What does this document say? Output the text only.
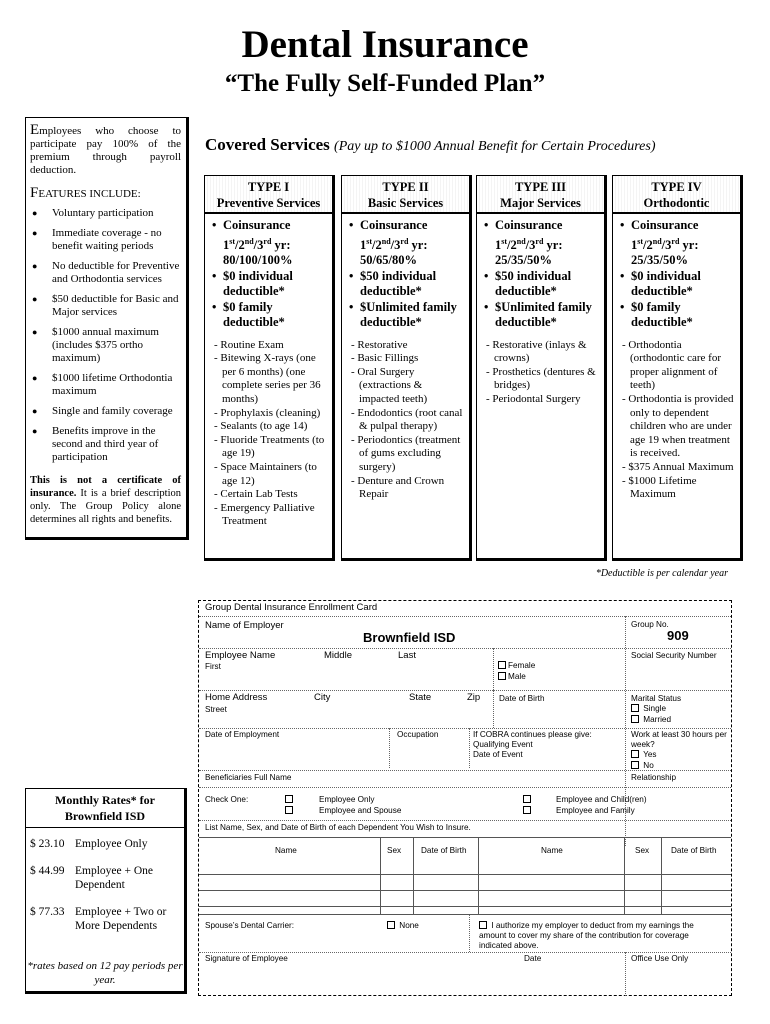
Dental Insurance
“The Fully Self-Funded Plan”
Employees who choose to participate pay 100% of the premium through payroll deduction.
FEATURES INCLUDE:
● Voluntary participation
● Immediate coverage - no benefit waiting periods
● No deductible for Preventive and Orthodontia services
● $50 deductible for Basic and Major services
● $1000 annual maximum (includes $375 ortho maximum)
● $1000 lifetime Orthodontia maximum
● Single and family coverage
● Benefits improve in the second and third year of participation
This is not a certificate of insurance. It is a brief description only. The Group Policy alone determines all rights and benefits.
Covered Services (Pay up to $1000 Annual Benefit for Certain Procedures)
TYPE I
Preventive Services
• Coinsurance
1st/2nd/3rd yr:
80/100/100%
• $0 individual
deductible*
• $0 family
deductible*
- Routine Exam
- Bitewing X-rays (one per 6 months) (one complete series per 36 months)
- Prophylaxis (cleaning)
- Sealants (to age 14)
- Fluoride Treatments (to age 19)
- Space Maintainers (to age 12)
- Certain Lab Tests
- Emergency Palliative Treatment
TYPE II
Basic Services
• Coinsurance
1st/2nd/3rd yr:
50/65/80%
• $50 individual
deductible*
• $Unlimited family
deductible*
- Restorative
- Basic Fillings
- Oral Surgery (extractions & impacted teeth)
- Endodontics (root canal & pulpal therapy)
- Periodontics (treatment of gums excluding surgery)
- Denture and Crown Repair
TYPE III
Major Services
• Coinsurance
1st/2nd/3rd yr:
25/35/50%
• $50 individual
deductible*
• $Unlimited family
deductible*
- Restorative (inlays & crowns)
- Prosthetics (dentures & bridges)
- Periodontal Surgery
TYPE IV
Orthodontic
• Coinsurance
1st/2nd/3rd yr:
25/35/50%
• $0 individual
deductible*
• $0 family
deductible*
- Orthodontia (orthodontic care for proper alignment of teeth)
- Orthodontia is provided only to dependent children who are under age 19 when treatment is received.
- $375 Annual Maximum
- $1000 Lifetime Maximum
*Deductible is per calendar year
Group Dental Insurance Enrollment Card
Name of Employer
Brownfield ISD
Group No.
909
Employee Name
First
Middle	Last
Female
Male
Social Security Number
Home Address
Street
City	State	Zip Date of Birth	Marital Status
Single
Married
Date of Employment	Occupation	If COBRA continues please give:
Qualifying Event
Date of Event
Work at least 30 hours per week?
Yes
No
Beneficiaries Full Name	Relationship
Check One:	Employee Only
Employee and Spouse
Employee and Child(ren)
Employee and Family
List Name, Sex, and Date of Birth of each Dependent You Wish to Insure.
Name	Sex Date of Birth	Name	Sex	Date of Birth
Spouse’s Dental Carrier:	None	I authorize my employer to deduct from my earnings the amount to cover my share of the contribution for coverage indicated above.
Signature of Employee	Date	Office Use Only
Monthly Rates* for Brownfield ISD
$ 23.10 Employee Only
$ 44.99 Employee + One Dependent
$ 77.33 Employee + Two or More Dependents
*rates based on 12 pay periods per year.
